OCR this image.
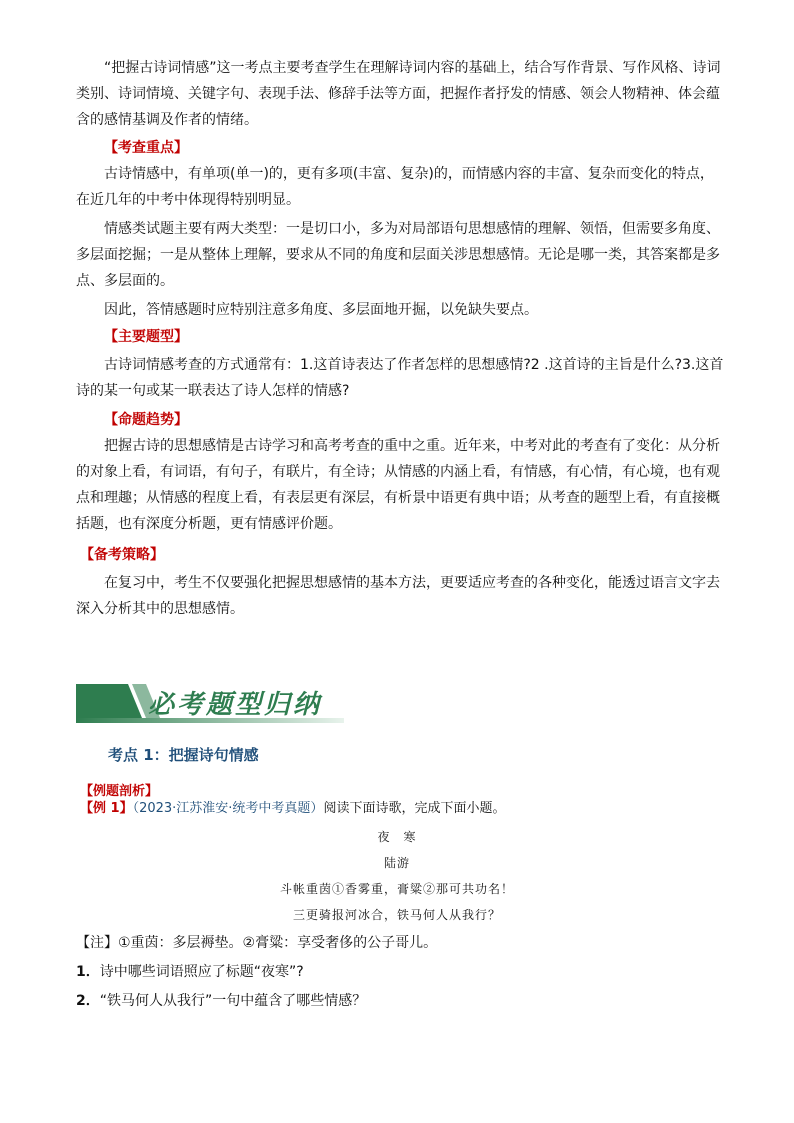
“把握古诗词情感”这一考点主要考查学生在理解诗词内容的基础上，结合写作背景、写作风格、诗词类别、诗词情境、关键字句、表现手法、修辞手法等方面，把握作者抒发的情感、领会人物精神、体会蕴含的感情基调及作者的情绪。

【考查重点】

古诗情感中，有单项(单一)的，更有多项(丰富、复杂)的，而情感内容的丰富、复杂而变化的特点，在近几年的中考中体现得特别明显。

情感类试题主要有两大类型：一是切口小，多为对局部语句思想感情的理解、领悟，但需要多角度、多层面挖掘；一是从整体上理解，要求从不同的角度和层面关涉思想感情。无论是哪一类，其答案都是多点、多层面的。

因此，答情感题时应特别注意多角度、多层面地开掘，以免缺失要点。

【主要题型】

古诗词情感考查的方式通常有：1.这首诗表达了作者怎样的思想感情?2 .这首诗的主旨是什么?3.这首诗的某一句或某一联表达了诗人怎样的情感?

【命题趋势】

把握古诗的思想感情是古诗学习和高考考查的重中之重。近年来，中考对此的考查有了变化：从分析的对象上看，有词语，有句子，有联片，有全诗；从情感的内涵上看，有情感，有心情，有心境，也有观点和理趣；从情感的程度上看，有表层更有深层，有析景中语更有典中语；从考查的题型上看，有直接概括题，也有深度分析题，更有情感评价题。

【备考策略】

在复习中，考生不仅要强化把握思想感情的基本方法，更要适应考查的各种变化，能透过语言文字去深入分析其中的思想感情。

必考题型归纳
考点 1：把握诗句情感
【例题剖析】
【例 1】（2023·江苏淮安·统考中考真题）阅读下面诗歌，完成下面小题。
夜　寒
陆游
斗帐重茵①香雾重，膏粱②那可共功名！
三更骑报河冰合，铁马何人从我行？
【注】①重茵：多层褥垫。②膏粱：享受奢侈的公子哥儿。
1．诗中哪些词语照应了标题“夜寒”?
2．“铁马何人从我行”一句中蕴含了哪些情感？
